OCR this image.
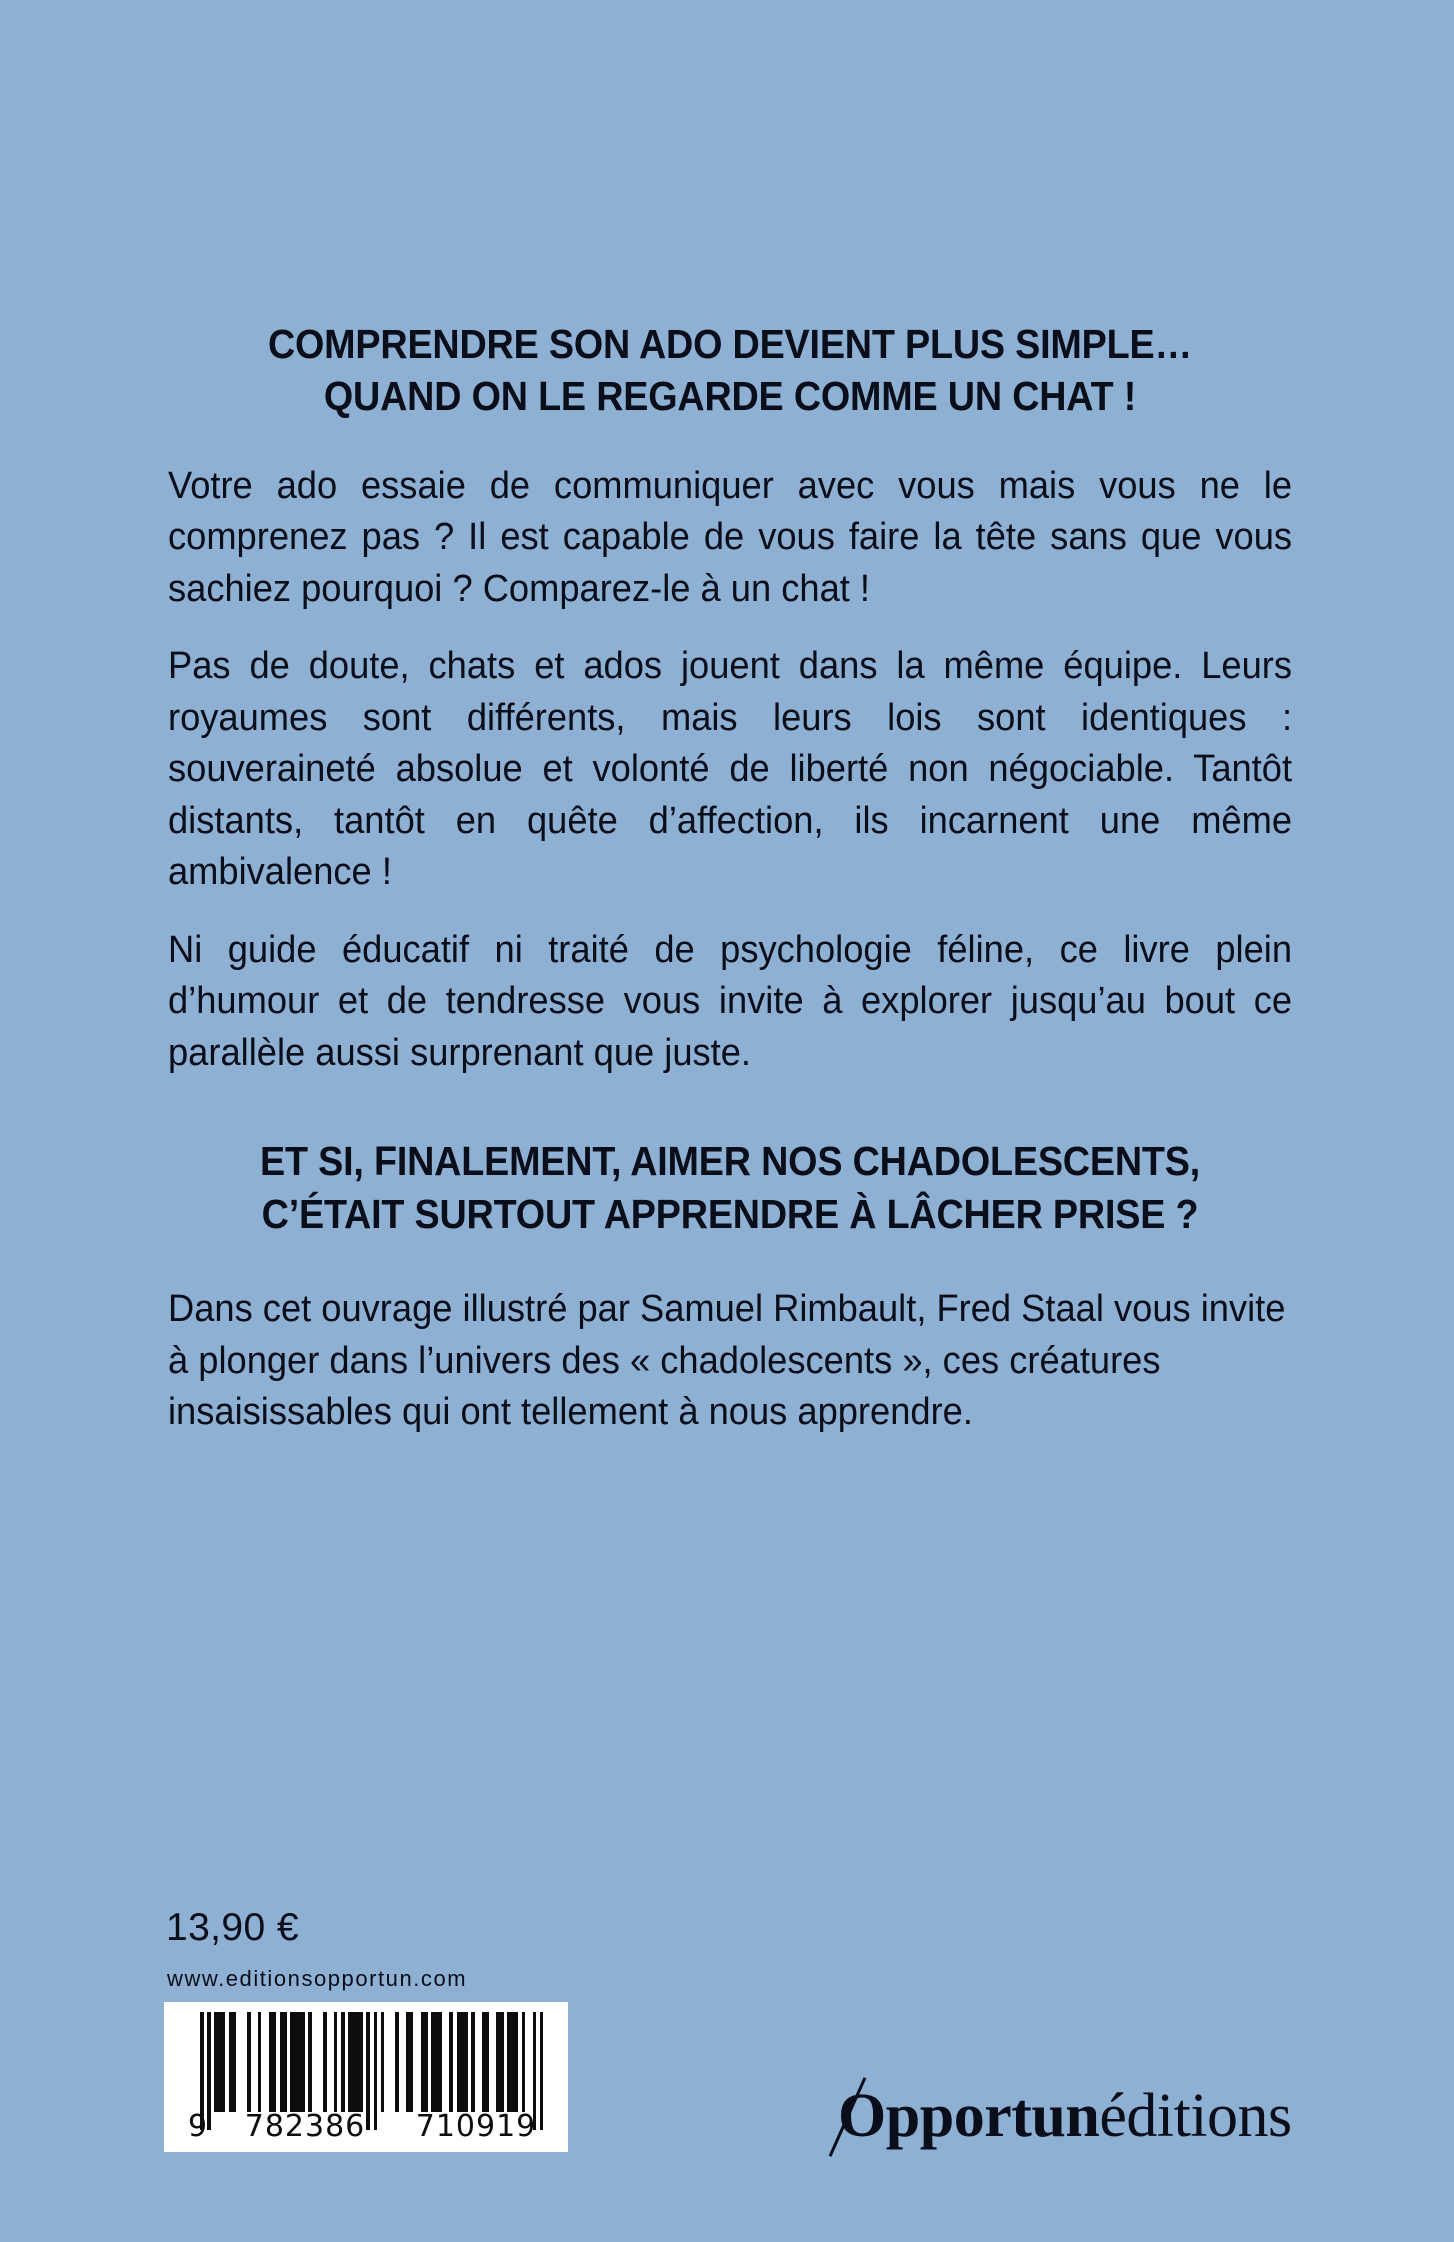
COMPRENDRE SON ADO DEVIENT PLUS SIMPLE…
QUAND ON LE REGARDE COMME UN CHAT !

Votre ado essaie de communiquer avec vous mais vous ne le comprenez pas ? Il est capable de vous faire la tête sans que vous sachiez pourquoi ? Comparez-le à un chat !

Pas de doute, chats et ados jouent dans la même équipe. Leurs royaumes sont différents, mais leurs lois sont identiques : souveraineté absolue et volonté de liberté non négociable. Tantôt distants, tantôt en quête d’affection, ils incarnent une même ambivalence !

Ni guide éducatif ni traité de psychologie féline, ce livre plein d’humour et de tendresse vous invite à explorer jusqu’au bout ce parallèle aussi surprenant que juste.

ET SI, FINALEMENT, AIMER NOS CHADOLESCENTS,
C’ÉTAIT SURTOUT APPRENDRE À LÂCHER PRISE ?

Dans cet ouvrage illustré par Samuel Rimbault, Fred Staal vous invite à plonger dans l’univers des « chadolescents », ces créatures insaisissables qui ont tellement à nous apprendre.

13,90 €
www.editionsopportun.com
9	782386	710919	Opportunéditions
